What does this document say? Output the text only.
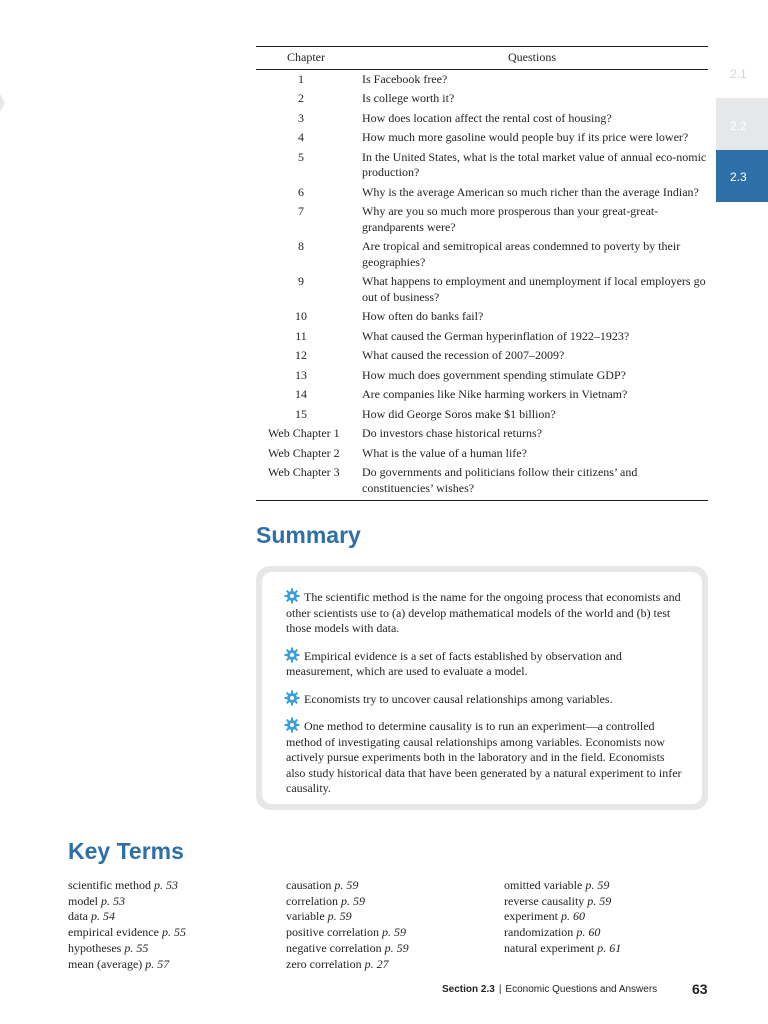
2.1
2.2
2.3
Chapter	Questions
1	Is Facebook free?
2	Is college worth it?
3	How does location affect the rental cost of housing?
4	How much more gasoline would people buy if its price were lower?
5	In the United States, what is the total market value of annual eco-nomic production?
6	Why is the average American so much richer than the average Indian?
7	Why are you so much more prosperous than your great-great-grandparents were?
8	Are tropical and semitropical areas condemned to poverty by their geographies?
9	What happens to employment and unemployment if local employers go out of business?
10	How often do banks fail?
11	What caused the German hyperinflation of 1922–1923?
12	What caused the recession of 2007–2009?
13	How much does government spending stimulate GDP?
14	Are companies like Nike harming workers in Vietnam?
15	How did George Soros make $1 billion?
Web Chapter 1	Do investors chase historical returns?
Web Chapter 2	What is the value of a human life?
Web Chapter 3	Do governments and politicians follow their citizens’ and constituencies’ wishes?
Summary

The scientific method is the name for the ongoing process that economists and other scientists use to (a) develop mathematical models of the world and (b) test those models with data.

Empirical evidence is a set of facts established by observation and measurement, which are used to evaluate a model.

Economists try to uncover causal relationships among variables.

One method to determine causality is to run an experiment—a controlled method of investigating causal relationships among variables. Economists now actively pursue experiments both in the laboratory and in the field. Economists also study historical data that have been generated by a natural experiment to infer causality.

Key Terms
scientific method p. 53
model p. 53
data p. 54
empirical evidence p. 55
hypotheses p. 55
mean (average) p. 57
causation p. 59
correlation p. 59
variable p. 59
positive correlation p. 59
negative correlation p. 59
zero correlation p. 27
omitted variable p. 59
reverse causality p. 59
experiment p. 60
randomization p. 60
natural experiment p. 61
Section 2.3 | Economic Questions and Answers 63
